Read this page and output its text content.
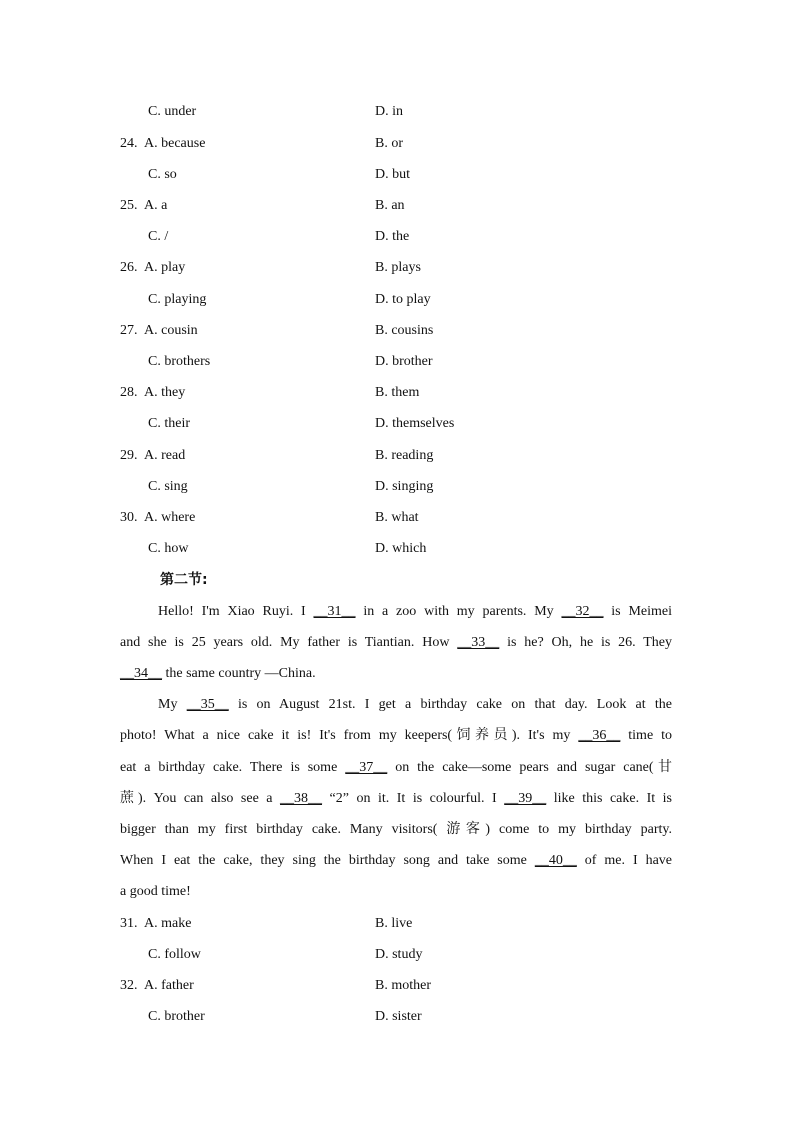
C. under	D. in
24. A. because	B. or
C. so	D. but
25. A. a	B. an
C. /	D. the
26. A. play	B. plays
C. playing	D. to play
27. A. cousin	B. cousins
C. brothers	D. brother
28. A. they	B. them
C. their	D. themselves
29. A. read	B. reading
C. sing	D. singing
30. A. where	B. what
C. how	D. which
第二节:
Hello! I'm Xiao Ruyi. I __31__ in a zoo with my parents. My __32__ is Meimei
and she is 25 years old. My father is Tiantian. How __33__ is he? Oh, he is 26. They
__34__ the same country —China.
My __35__ is on August 21st. I get a birthday cake on that day. Look at the
photo! What a nice cake it is! It's from my keepers(饲养员). It's my __36__ time to
eat a birthday cake. There is some __37__ on the cake—some pears and sugar cane(甘
蔗). You can also see a __38__ “2” on it. It is colourful. I __39__ like this cake. It is
bigger than my first birthday cake. Many visitors( 游客) come to my birthday party.
When I eat the cake, they sing the birthday song and take some __40__ of me. I have
a good time!
31. A. make	B. live
C. follow	D. study
32. A. father	B. mother
C. brother	D. sister
